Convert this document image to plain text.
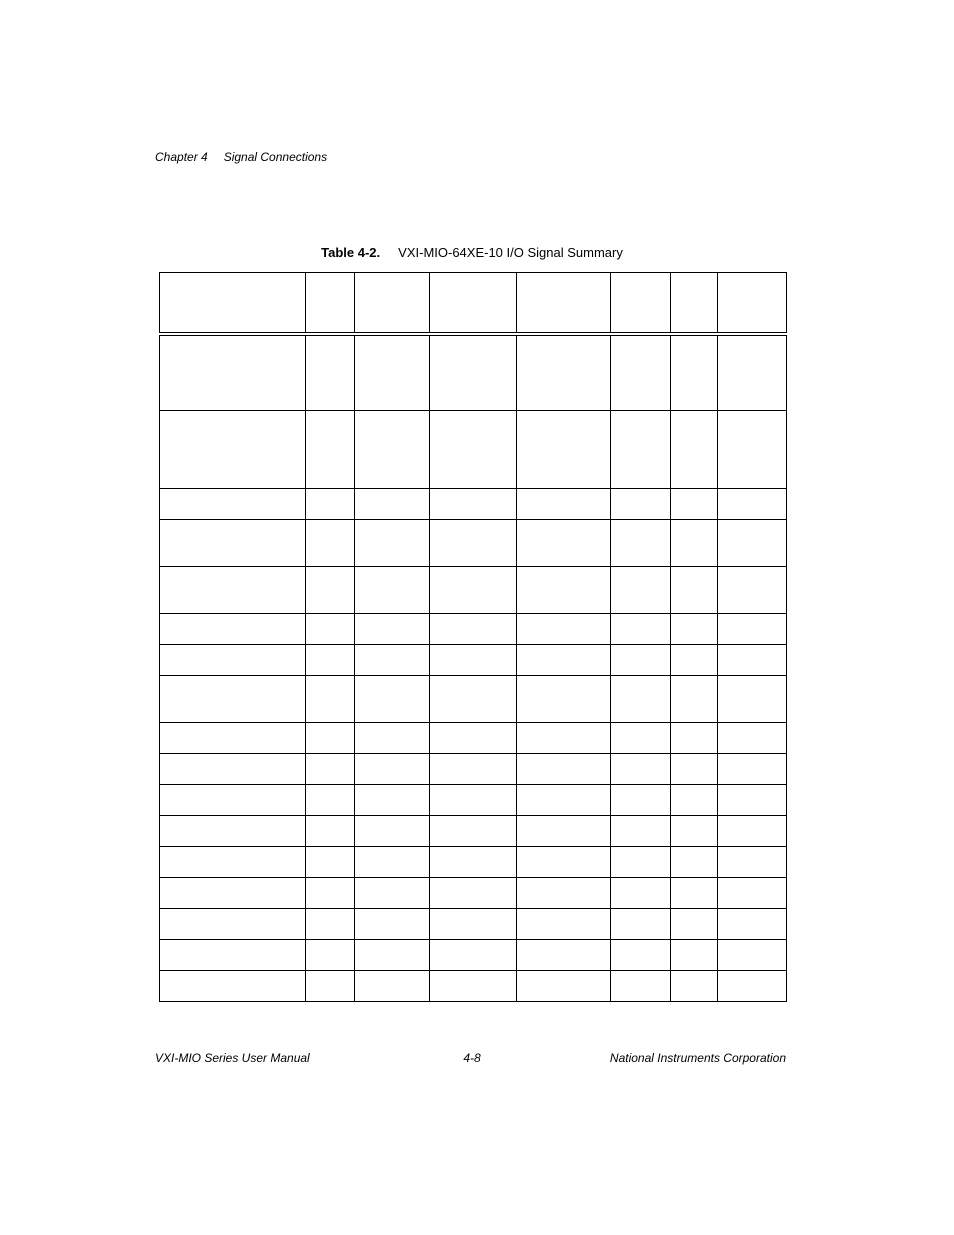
Chapter 4 Signal Connections
Table 4-2. VXI-MIO-64XE-10 I/O Signal Summary

VXI-MIO Series User Manual	4-8	National Instruments Corporation
